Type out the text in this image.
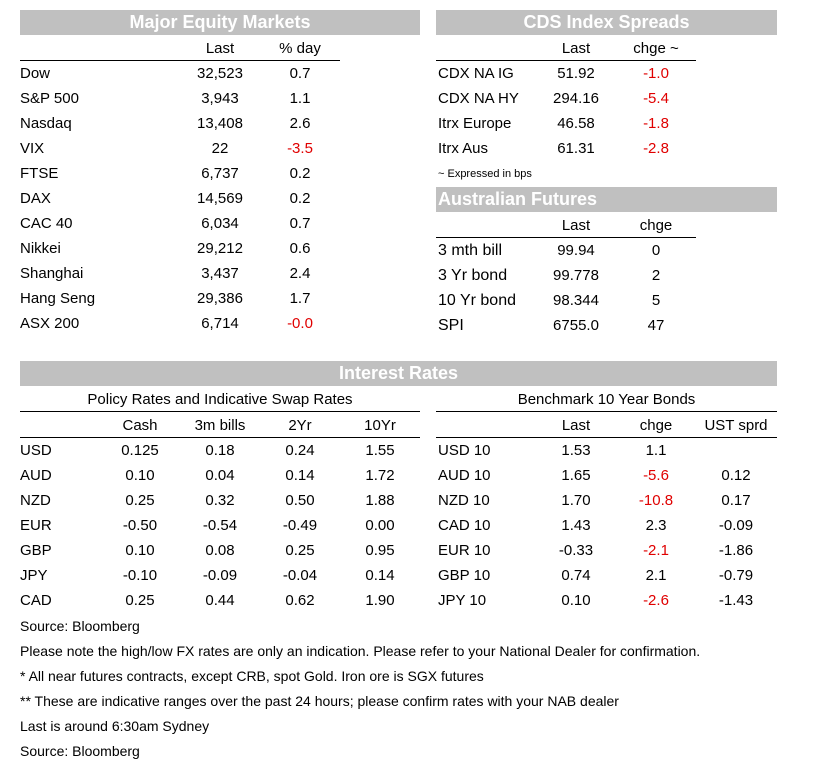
Major Equity Markets
Last	% day
Dow	32,523	0.7
S&P 500	3,943	1.1
Nasdaq	13,408	2.6
VIX	22	-3.5
FTSE	6,737	0.2
DAX	14,569	0.2
CAC 40	6,034	0.7
Nikkei	29,212	0.6
Shanghai	3,437	2.4
Hang Seng	29,386	1.7
ASX 200	6,714	-0.0
CDS Index Spreads
Last	chge ~
CDX NA IG	51.92	-1.0
CDX NA HY	294.16	-5.4
Itrx Europe	46.58	-1.8
Itrx Aus	61.31	-2.8
~ Expressed in bps
Australian Futures
Last	chge
3 mth bill	99.94	0
3 Yr bond	99.778	2
10 Yr bond	98.344	5
SPI	6755.0	47
Interest Rates
Policy Rates and Indicative Swap Rates
Cash	3m bills	2Yr	10Yr
USD	0.125	0.18	0.24	1.55
AUD	0.10	0.04	0.14	1.72
NZD	0.25	0.32	0.50	1.88
EUR	-0.50	-0.54	-0.49	0.00
GBP	0.10	0.08	0.25	0.95
JPY	-0.10	-0.09	-0.04	0.14
CAD	0.25	0.44	0.62	1.90
Benchmark 10 Year Bonds
Last	chge	UST sprd
USD 10	1.53	1.1
AUD 10	1.65	-5.6	0.12
NZD 10	1.70	-10.8	0.17
CAD 10	1.43	2.3	-0.09
EUR 10	-0.33	-2.1	-1.86
GBP 10	0.74	2.1	-0.79
JPY 10	0.10	-2.6	-1.43
Source: Bloomberg
Please note the high/low FX rates are only an indication. Please refer to your National Dealer for confirmation.
* All near futures contracts, except CRB, spot Gold. Iron ore is SGX futures
** These are indicative ranges over the past 24 hours; please confirm rates with your NAB dealer
Last is around 6:30am Sydney
Source: Bloomberg
